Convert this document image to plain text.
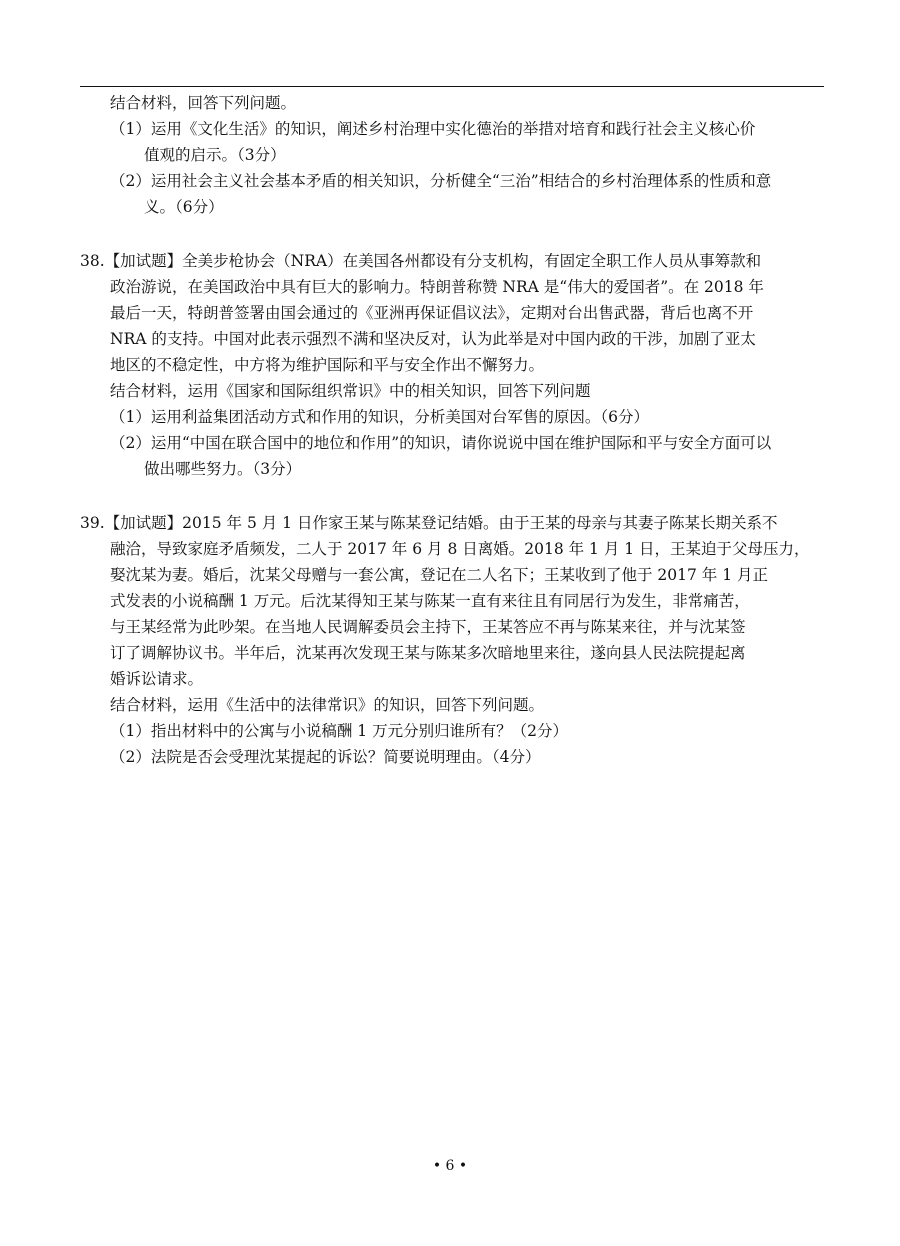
结合材料，回答下列问题。
（1）运用《文化生活》的知识，阐述乡村治理中实化德治的举措对培育和践行社会主义核心价
值观的启示。（3分）
（2）运用社会主义社会基本矛盾的相关知识，分析健全“三治”相结合的乡村治理体系的性质和意
义。（6分）
38.【加试题】全美步枪协会（NRA）在美国各州都设有分支机构，有固定全职工作人员从事筹款和
政治游说，在美国政治中具有巨大的影响力。特朗普称赞 NRA 是“伟大的爱国者”。在 2018 年
最后一天，特朗普签署由国会通过的《亚洲再保证倡议法》，定期对台出售武器，背后也离不开
NRA 的支持。中国对此表示强烈不满和坚决反对，认为此举是对中国内政的干涉，加剧了亚太
地区的不稳定性，中方将为维护国际和平与安全作出不懈努力。
结合材料，运用《国家和国际组织常识》中的相关知识，回答下列问题
（1）运用利益集团活动方式和作用的知识，分析美国对台军售的原因。（6分）
（2）运用“中国在联合国中的地位和作用”的知识，请你说说中国在维护国际和平与安全方面可以
做出哪些努力。（3分）
39.【加试题】2015 年 5 月 1 日作家王某与陈某登记结婚。由于王某的母亲与其妻子陈某长期关系不
融洽，导致家庭矛盾频发，二人于 2017 年 6 月 8 日离婚。2018 年 1 月 1 日，王某迫于父母压力，
娶沈某为妻。婚后，沈某父母赠与一套公寓，登记在二人名下；王某收到了他于 2017 年 1 月正
式发表的小说稿酬 1 万元。后沈某得知王某与陈某一直有来往且有同居行为发生，非常痛苦，
与王某经常为此吵架。在当地人民调解委员会主持下，王某答应不再与陈某来往，并与沈某签
订了调解协议书。半年后，沈某再次发现王某与陈某多次暗地里来往，遂向县人民法院提起离
婚诉讼请求。
结合材料，运用《生活中的法律常识》的知识，回答下列问题。
（1）指出材料中的公寓与小说稿酬 1 万元分别归谁所有？（2分）
（2）法院是否会受理沈某提起的诉讼？简要说明理由。（4分）
• 6 •
